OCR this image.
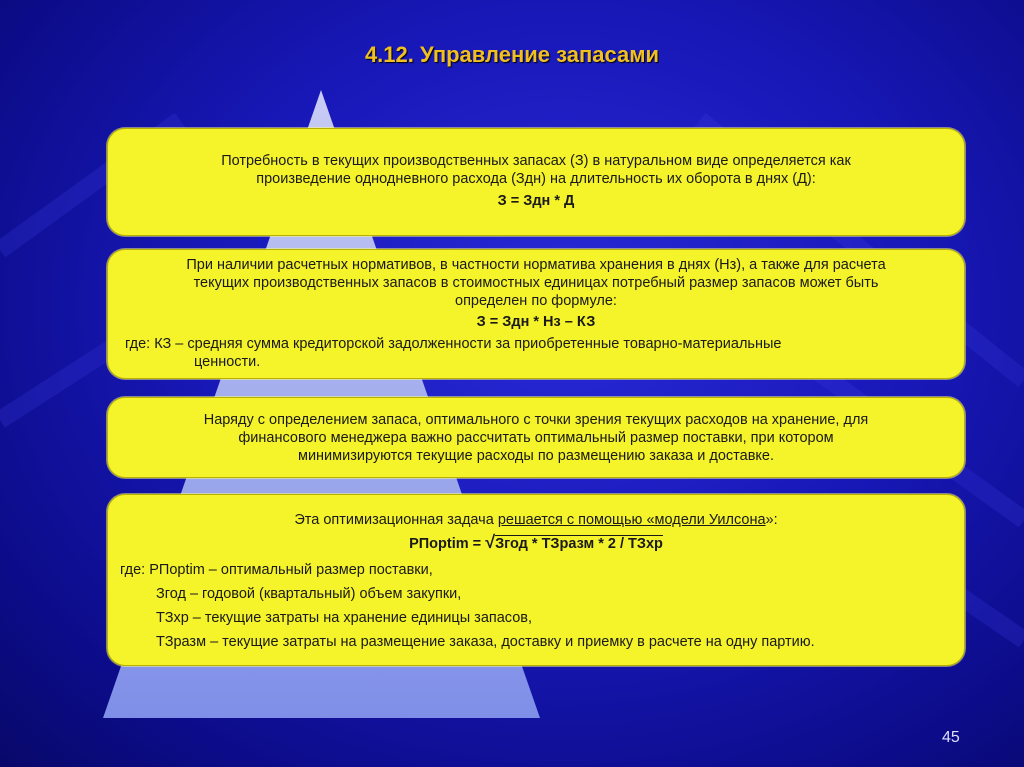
4.12. Управление запасами
Потребность в текущих производственных запасах (З) в натуральном виде определяется как
произведение однодневного расхода (Здн) на длительность их оборота в днях (Д):
З = Здн * Д
При наличии расчетных нормативов, в частности норматива хранения в днях (Нз), а также для расчета
текущих производственных запасов в стоимостных единицах потребный размер запасов может быть
определен по формуле:
З = Здн * Нз – КЗ
где: КЗ – средняя сумма кредиторской задолженности за приобретенные товарно-материальные
ценности.
Наряду с определением запаса, оптимального с точки зрения текущих расходов на хранение, для
финансового менеджера важно рассчитать оптимальный размер поставки, при котором
минимизируются текущие расходы по размещению заказа и доставке.
Эта оптимизационная задача решается с помощью «модели Уилсона»:
РПoptim = √Згод * ТЗразм * 2 / ТЗхр
где: РПoptim – оптимальный размер поставки,
Згод – годовой (квартальный) объем закупки,
ТЗхр – текущие затраты на хранение единицы запасов,
ТЗразм – текущие затраты на размещение заказа, доставку и приемку в расчете на одну партию.
45
